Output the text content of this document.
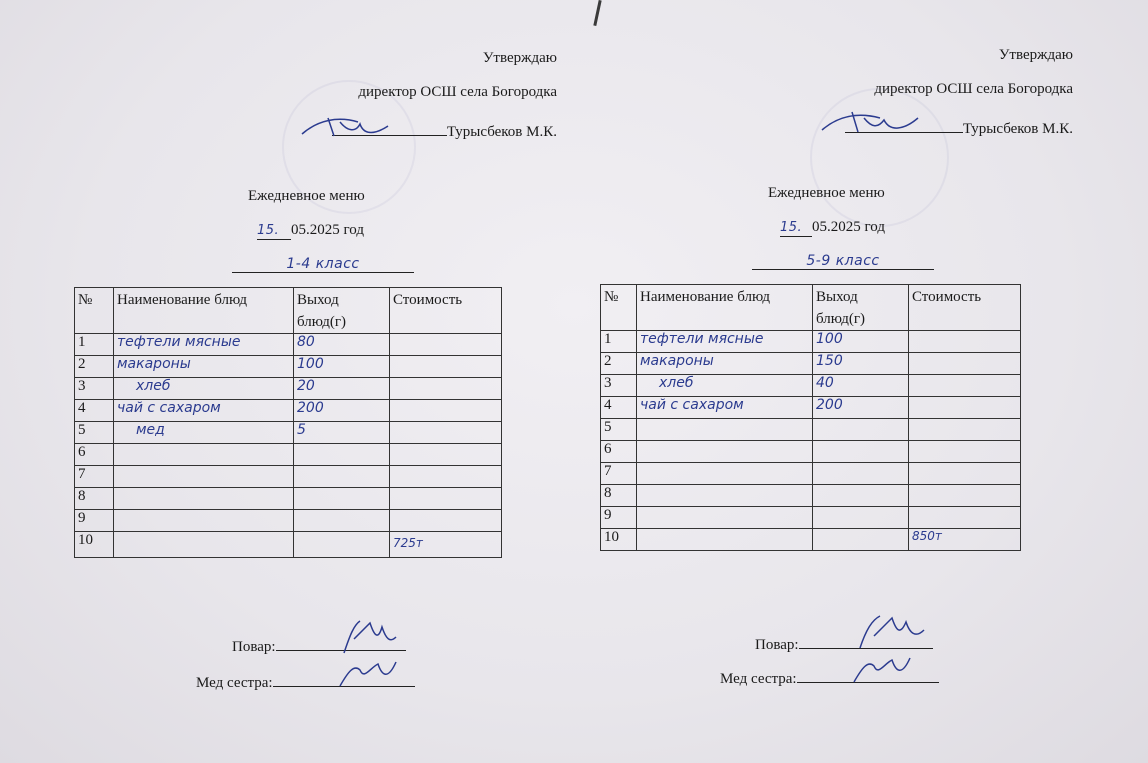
Утверждаю
директор ОСШ села Богородка
Турысбеков М.К.
Ежедневное меню
15. 05.2025 год
1-4 класс
№	Наименование блюд	Выход блюд(г)	Стоимость
1	тефтели мясные	80	
2	макароны	100	
3	хлеб	20	
4	чай с сахаром	200	
5	мед	5	
6			
7			
8			
9			
10			725т
Повар:
Мед сестра:
Утверждаю
директор ОСШ села Богородка
Турысбеков М.К.
Ежедневное меню
15. 05.2025 год
5-9 класс
№	Наименование блюд	Выход блюд(г)	Стоимость
1	тефтели мясные	100	
2	макароны	150	
3	хлеб	40	
4	чай с сахаром	200	
5			
6			
7			
8			
9			
10			850т
Повар:
Мед сестра:
